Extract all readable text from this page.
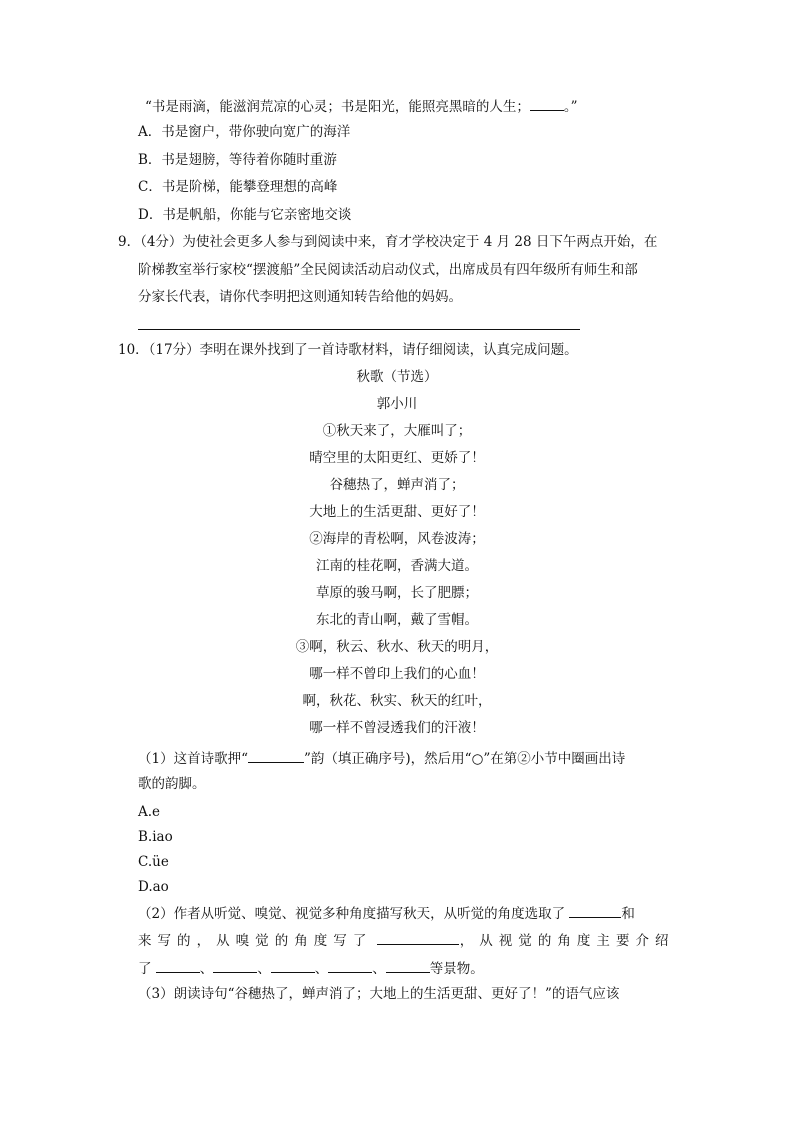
“书是雨滴，能滋润荒凉的心灵；书是阳光，能照亮黑暗的人生；	。”
A．书是窗户，带你驶向宽广的海洋
B．书是翅膀，等待着你随时重游
C．书是阶梯，能攀登理想的高峰
D．书是帆船，你能与它亲密地交谈
9．（4分）为使社会更多人参与到阅读中来，育才学校决定于 4 月 28 日下午两点开始，在
阶梯教室举行家校“摆渡船”全民阅读活动启动仪式，出席成员有四年级所有师生和部
分家长代表，请你代李明把这则通知转告给他的妈妈。
10．（17分）李明在课外找到了一首诗歌材料，请仔细阅读，认真完成问题。
秋歌（节选）
郭小川
①秋天来了，大雁叫了；
晴空里的太阳更红、更娇了！
谷穗热了，蝉声消了；
大地上的生活更甜、更好了！
②海岸的青松啊，风卷波涛；
江南的桂花啊，香满大道。
草原的骏马啊，长了肥膘；
东北的青山啊，戴了雪帽。
③啊，秋云、秋水、秋天的明月，
哪一样不曾印上我们的心血！
啊，秋花、秋实、秋天的红叶，
哪一样不曾浸透我们的汗液！
（1）这首诗歌押“	”韵（填正确序号)，然后用“○”在第②小节中圈画出诗
歌的韵脚。
A.e
B.iao
C.üe
D.ao
（2）作者从听觉、嗅觉、视觉多种角度描写秋天，从听觉的角度选取了	和
来写的，从嗅觉的角度写了	，从视觉的角度主要介绍
了	、	、	、	、	等景物。
（3）朗读诗句“谷穗热了，蝉声消了；大地上的生活更甜、更好了！”的语气应该
